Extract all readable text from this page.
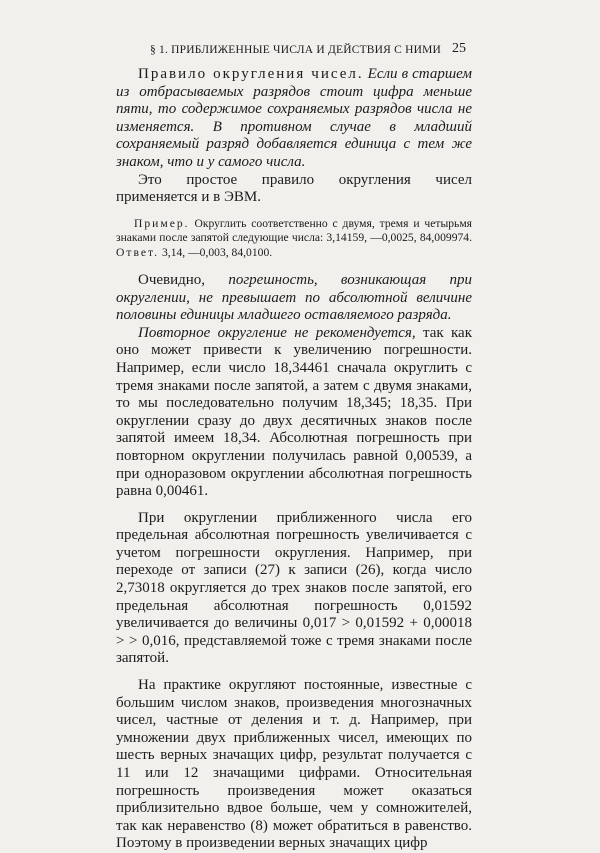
§ 1. ПРИБЛИЖЕННЫЕ ЧИСЛА И ДЕЙСТВИЯ С НИМИ 25

Правило округления чисел. Если в старшем из отбрасываемых разрядов стоит цифра меньше пяти, то содержимое сохраняемых разрядов числа не изменяется. В противном случае в младший сохраняемый разряд добавляется единица с тем же знаком, что и у самого числа.

Это простое правило округления чисел применяется и в ЭВМ.

Пример. Округлить соответственно с двумя, тремя и четырьмя знаками после запятой следующие числа: 3,14159, —0,0025, 84,009974. Ответ. 3,14, —0,003, 84,0100.

Очевидно, погрешность, возникающая при округлении, не превышает по абсолютной величине половины единицы младшего оставляемого разряда.

Повторное округление не рекомендуется, так как оно может привести к увеличению погрешности. Например, если число 18,34461 сначала округлить с тремя знаками после запятой, а затем с двумя знаками, то мы последовательно получим 18,345; 18,35. При округлении сразу до двух десятичных знаков после запятой имеем 18,34. Абсолютная погрешность при повторном округлении получилась равной 0,00539, а при одноразовом округлении абсолютная погрешность равна 0,00461.

При округлении приближенного числа его предельная абсолютная погрешность увеличивается с учетом погрешности округления. Например, при переходе от записи (27) к записи (26), когда число 2,73018 округляется до трех знаков после запятой, его предельная абсолютная погрешность 0,01592 увеличивается до величины 0,017 > 0,01592 + 0,00018 > > 0,016, представляемой тоже с тремя знаками после запятой.

На практике округляют постоянные, известные с большим числом знаков, произведения многозначных чисел, частные от деления и т. д. Например, при умножении двух приближенных чисел, имеющих по шесть верных значащих цифр, результат получается с 11 или 12 значащими цифрами. Относительная погрешность произведения может оказаться приблизительно вдвое больше, чем у сомножителей, так как неравенство (8) может обратиться в равенство. Поэтому в произведении верных значащих цифр
